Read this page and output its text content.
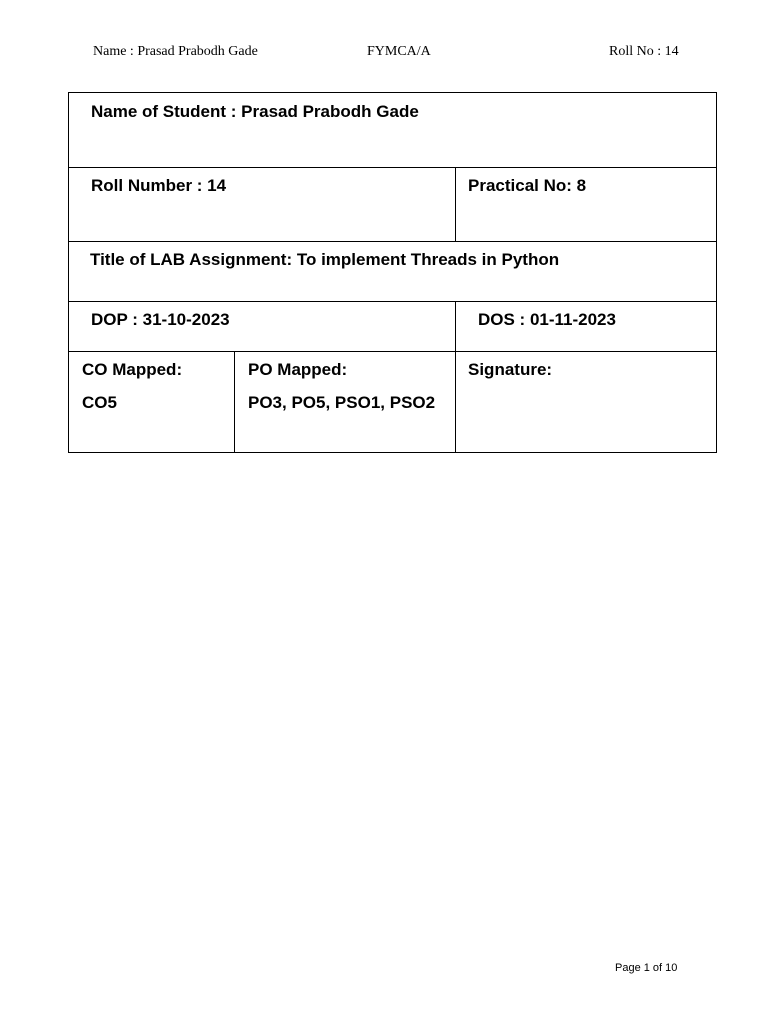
Name : Prasad Prabodh Gade	FYMCA/A	Roll No : 14
Name of Student : Prasad Prabodh Gade
Roll Number : 14	Practical No: 8
Title of LAB Assignment: To implement Threads in Python
DOP : 31-10-2023	DOS : 01-11-2023
CO Mapped:
CO5
PO Mapped:
PO3, PO5, PSO1, PSO2
Signature:
Page 1 of 10
